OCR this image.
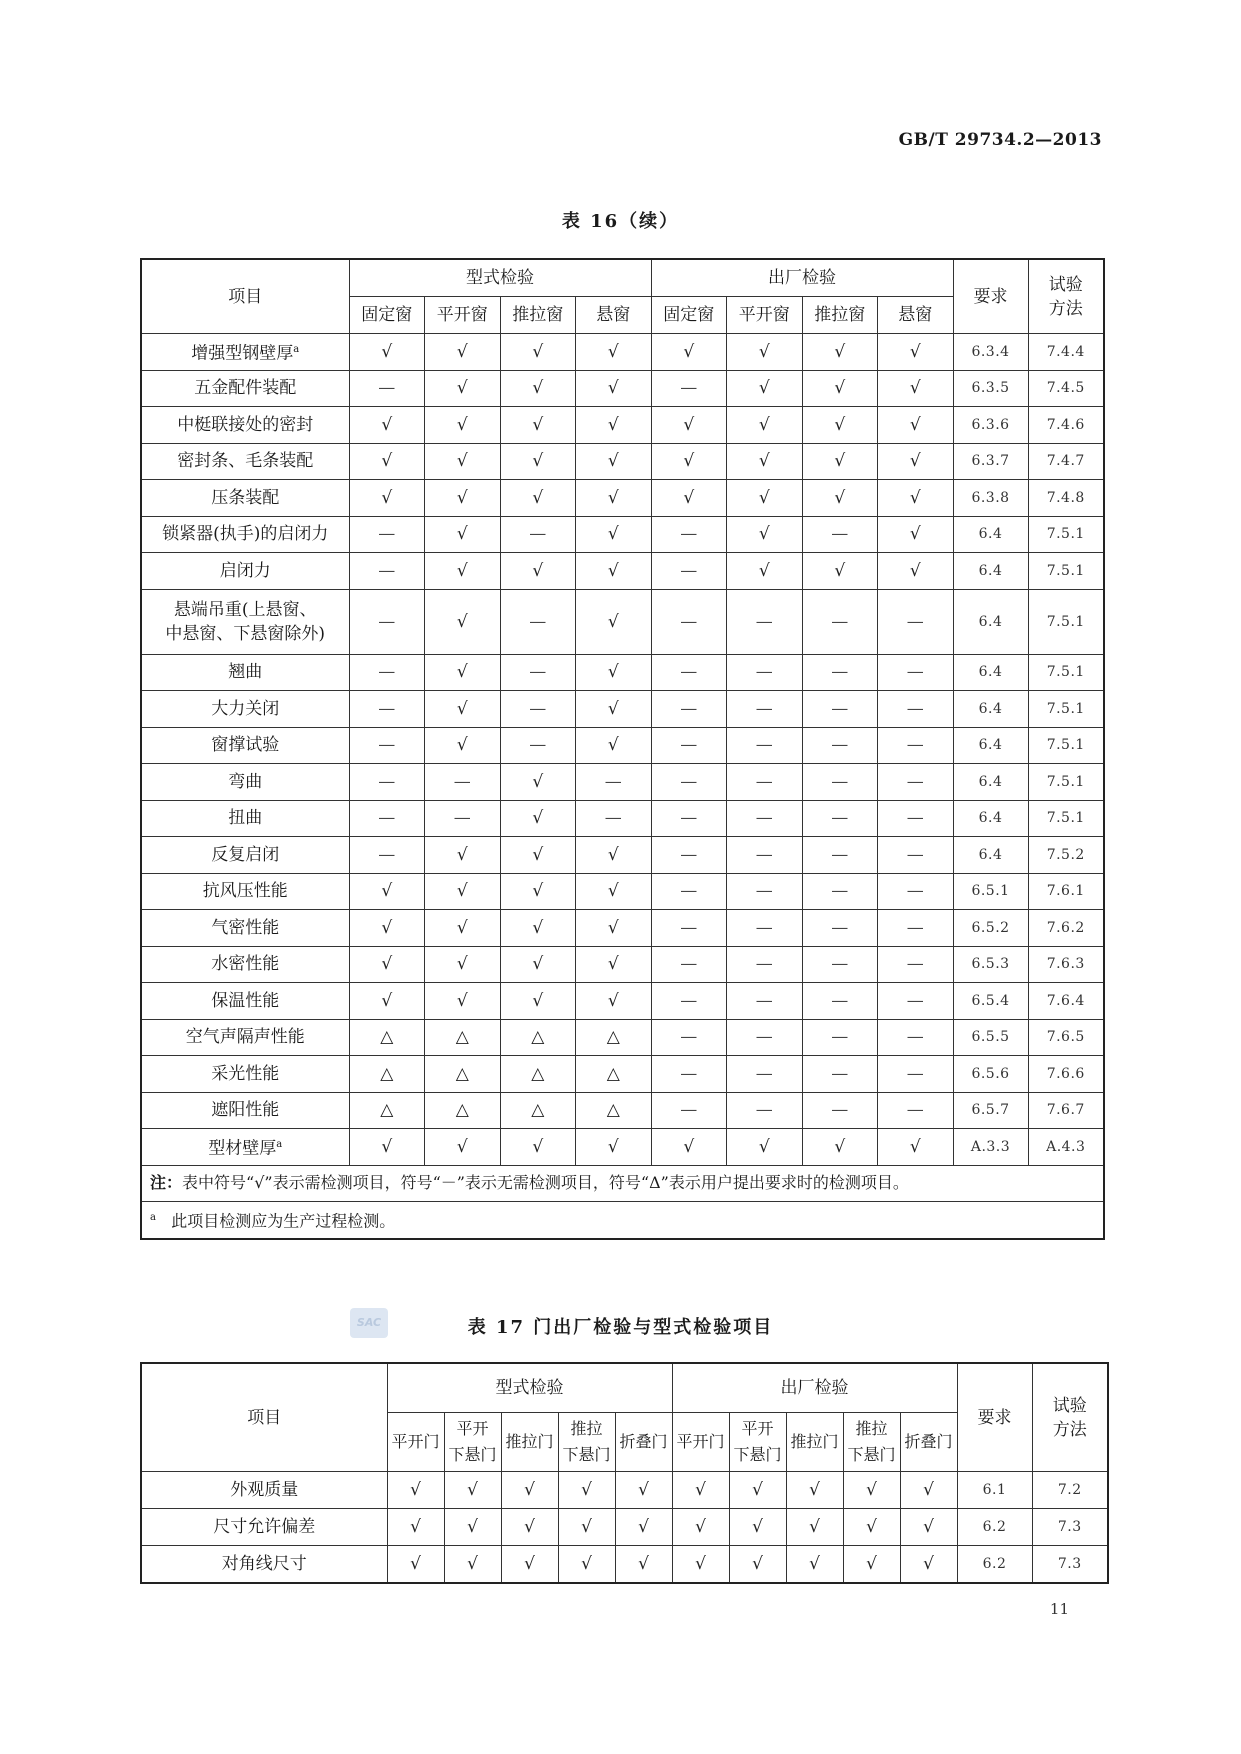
GB/T 29734.2—2013
表 16（续）
项目	型式检验				出厂检验				要求	试验
方法
	固定窗	平开窗	推拉窗	悬窗	固定窗	平开窗	推拉窗	悬窗		
增强型钢壁厚$^a$	√	√	√	√	√	√	√	√	6.3.4	7.4.4
五金配件装配	—	√	√	√	—	√	√	√	6.3.5	7.4.5
中梃联接处的密封	√	√	√	√	√	√	√	√	6.3.6	7.4.6
密封条、毛条装配	√	√	√	√	√	√	√	√	6.3.7	7.4.7
压条装配	√	√	√	√	√	√	√	√	6.3.8	7.4.8
锁紧器(执手)的启闭力	—	√	—	√	—	√	—	√	6.4	7.5.1
启闭力	—	√	√	√	—	√	√	√	6.4	7.5.1
悬端吊重(上悬窗、
中悬窗、下悬窗除外)	—	√	—	√	—	—	—	—	6.4	7.5.1
翘曲	—	√	—	√	—	—	—	—	6.4	7.5.1
大力关闭	—	√	—	√	—	—	—	—	6.4	7.5.1
窗撑试验	—	√	—	√	—	—	—	—	6.4	7.5.1
弯曲	—	—	√	—	—	—	—	—	6.4	7.5.1
扭曲	—	—	√	—	—	—	—	—	6.4	7.5.1
反复启闭	—	√	√	√	—	—	—	—	6.4	7.5.2
抗风压性能	√	√	√	√	—	—	—	—	6.5.1	7.6.1
气密性能	√	√	√	√	—	—	—	—	6.5.2	7.6.2
水密性能	√	√	√	√	—	—	—	—	6.5.3	7.6.3
保温性能	√	√	√	√	—	—	—	—	6.5.4	7.6.4
空气声隔声性能	△	△	△	△	—	—	—	—	6.5.5	7.6.5
采光性能	△	△	△	△	—	—	—	—	6.5.6	7.6.6
遮阳性能	△	△	△	△	—	—	—	—	6.5.7	7.6.7
型材壁厚$^a$	√	√	√	√	√	√	√	√	A.3.3	A.4.3
注：表中符号“√”表示需检测项目，符号“－”表示无需检测项目，符号“Δ”表示用户提出要求时的检测项目。										
$^a$ 此项目检测应为生产过程检测。										
SAC	表 17 门出厂检验与型式检验项目
项目	型式检验					出厂检验					要求	试验
方法
	平开门	平开
下悬门	推拉门	推拉
下悬门	折叠门	平开门	平开
下悬门	推拉门	推拉
下悬门	折叠门		
外观质量	√	√	√	√	√	√	√	√	√	√	6.1	7.2
尺寸允许偏差	√	√	√	√	√	√	√	√	√	√	6.2	7.3
对角线尺寸	√	√	√	√	√	√	√	√	√	√	6.2	7.3
11
